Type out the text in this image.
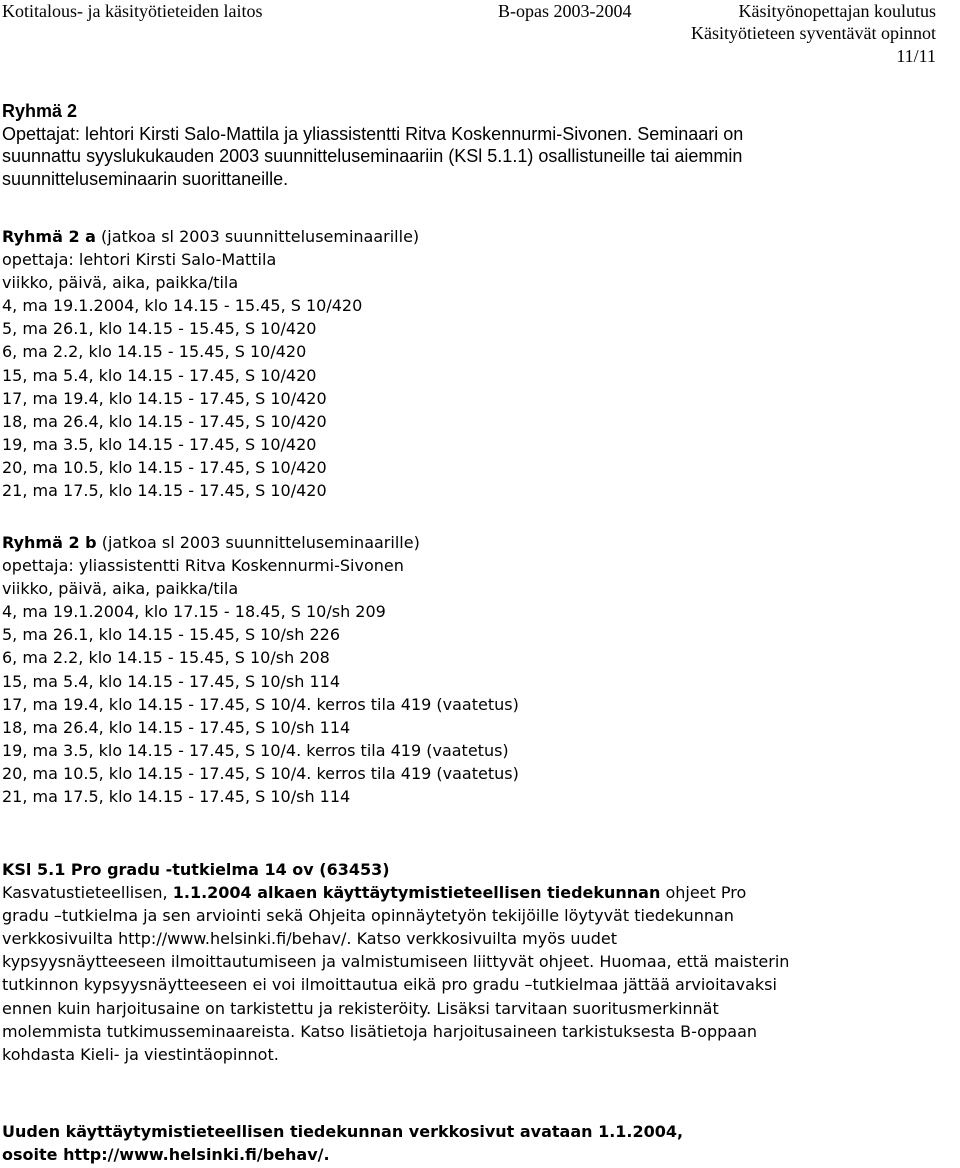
Kotitalous- ja käsityötieteiden laitos	B-opas 2003-2004	Käsityönopettajan koulutus
Käsityötieteen syventävät opinnot
11/11
Ryhmä 2
Opettajat: lehtori Kirsti Salo-Mattila ja yliassistentti Ritva Koskennurmi-Sivonen. Seminaari on
suunnattu syyslukukauden 2003 suunnitteluseminaariin (KSl 5.1.1) osallistuneille tai aiemmin
suunnitteluseminaarin suorittaneille.
Ryhmä 2 a (jatkoa sl 2003 suunnitteluseminaarille)
opettaja: lehtori Kirsti Salo-Mattila
viikko, päivä, aika, paikka/tila
4, ma 19.1.2004, klo 14.15 - 15.45, S 10/420
5, ma 26.1, klo 14.15 - 15.45, S 10/420
6, ma 2.2, klo 14.15 - 15.45, S 10/420
15, ma 5.4, klo 14.15 - 17.45, S 10/420
17, ma 19.4, klo 14.15 - 17.45, S 10/420
18, ma 26.4, klo 14.15 - 17.45, S 10/420
19, ma 3.5, klo 14.15 - 17.45, S 10/420
20, ma 10.5, klo 14.15 - 17.45, S 10/420
21, ma 17.5, klo 14.15 - 17.45, S 10/420
Ryhmä 2 b (jatkoa sl 2003 suunnitteluseminaarille)
opettaja: yliassistentti Ritva Koskennurmi-Sivonen
viikko, päivä, aika, paikka/tila
4, ma 19.1.2004, klo 17.15 - 18.45, S 10/sh 209
5, ma 26.1, klo 14.15 - 15.45, S 10/sh 226
6, ma 2.2, klo 14.15 - 15.45, S 10/sh 208
15, ma 5.4, klo 14.15 - 17.45, S 10/sh 114
17, ma 19.4, klo 14.15 - 17.45, S 10/4. kerros tila 419 (vaatetus)
18, ma 26.4, klo 14.15 - 17.45, S 10/sh 114
19, ma 3.5, klo 14.15 - 17.45, S 10/4. kerros tila 419 (vaatetus)
20, ma 10.5, klo 14.15 - 17.45, S 10/4. kerros tila 419 (vaatetus)
21, ma 17.5, klo 14.15 - 17.45, S 10/sh 114
KSl 5.1 Pro gradu -tutkielma 14 ov (63453)
Kasvatustieteellisen, 1.1.2004 alkaen käyttäytymistieteellisen tiedekunnan ohjeet Pro
gradu –tutkielma ja sen arviointi sekä Ohjeita opinnäytetyön tekijöille löytyvät tiedekunnan
verkkosivuilta http://www.helsinki.fi/behav/. Katso verkkosivuilta myös uudet
kypsyysnäytteeseen ilmoittautumiseen ja valmistumiseen liittyvät ohjeet. Huomaa, että maisterin
tutkinnon kypsyysnäytteeseen ei voi ilmoittautua eikä pro gradu –tutkielmaa jättää arvioitavaksi
ennen kuin harjoitusaine on tarkistettu ja rekisteröity. Lisäksi tarvitaan suoritusmerkinnät
molemmista tutkimusseminaareista. Katso lisätietoja harjoitusaineen tarkistuksesta B-oppaan
kohdasta Kieli- ja viestintäopinnot.
Uuden käyttäytymistieteellisen tiedekunnan verkkosivut avataan 1.1.2004,
osoite http://www.helsinki.fi/behav/.
